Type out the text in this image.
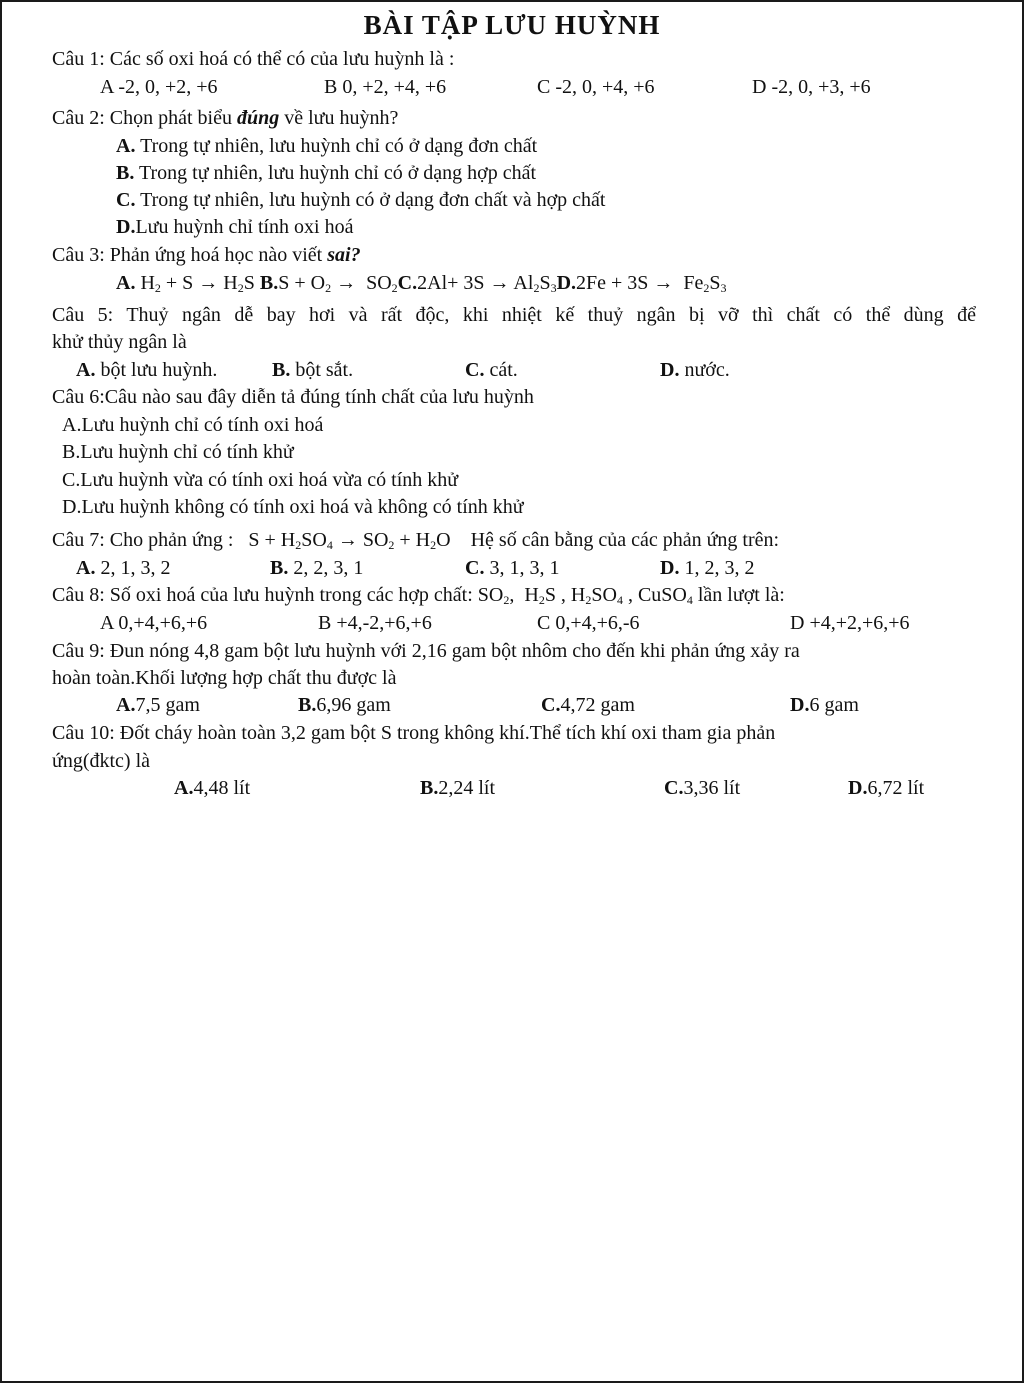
BÀI TẬP LƯU HUỲNH
Câu 1: Các số oxi hoá có thể có của lưu huỳnh là :
A -2, 0, +2, +6	B 0, +2, +4, +6	C -2, 0, +4, +6	D -2, 0, +3, +6
Câu 2: Chọn phát biểu đúng về lưu huỳnh?
A. Trong tự nhiên, lưu huỳnh chỉ có ở dạng đơn chất
B. Trong tự nhiên, lưu huỳnh chỉ có ở dạng hợp chất
C. Trong tự nhiên, lưu huỳnh có ở dạng đơn chất và hợp chất
D.Lưu huỳnh chỉ tính oxi hoá
Câu 3: Phản ứng hoá học nào viết sai?
A. $H_2 + S \to H_2S$ $B.S + O_2 \to SO_2C.2Al+ 3S \to Al_2S_3D.2Fe + 3S \to Fe_2S_3$
Câu 5: Thuỷ ngân dễ bay hơi và rất độc, khi nhiệt kế thuỷ ngân bị vỡ thì chất có thể dùng để
khử thủy ngân là
A. bột lưu huỳnh.	B. bột sắt.	C. cát.	D. nước.
Câu 6:Câu nào sau đây diễn tả đúng tính chất của lưu huỳnh
A.Lưu huỳnh chỉ có tính oxi hoá
B.Lưu huỳnh chỉ có tính khử
C.Lưu huỳnh vừa có tính oxi hoá vừa có tính khử
D.Lưu huỳnh không có tính oxi hoá và không có tính khử
Câu 7: Cho phản ứng :   $S + H_2SO_4 \to SO_2 + H_2O$    Hệ số cân bằng của các phản ứng trên:
A. 2, 1, 3, 2	B. 2, 2, 3, 1	C. 3, 1, 3, 1	D. 1, 2, 3, 2
Câu 8: Số oxi hoá của lưu huỳnh trong các hợp chất: $SO_2$,  $H_2S$ , $H_2SO_4$ , CuSO$_4$ lần lượt là:
A 0,+4,+6,+6	B +4,-2,+6,+6	C 0,+4,+6,-6	D +4,+2,+6,+6
Câu 9: Đun nóng 4,8 gam bột lưu huỳnh với 2,16 gam bột nhôm cho đến khi phản ứng xảy ra
hoàn toàn.Khối lượng hợp chất thu được là
A.7,5 gam	B.6,96 gam	C.4,72 gam	D.6 gam
Câu 10: Đốt cháy hoàn toàn 3,2 gam bột S trong không khí.Thể tích khí oxi tham gia phản
ứng(đktc) là
A.4,48 lít	B.2,24 lít	C.3,36 lít	D.6,72 lít
